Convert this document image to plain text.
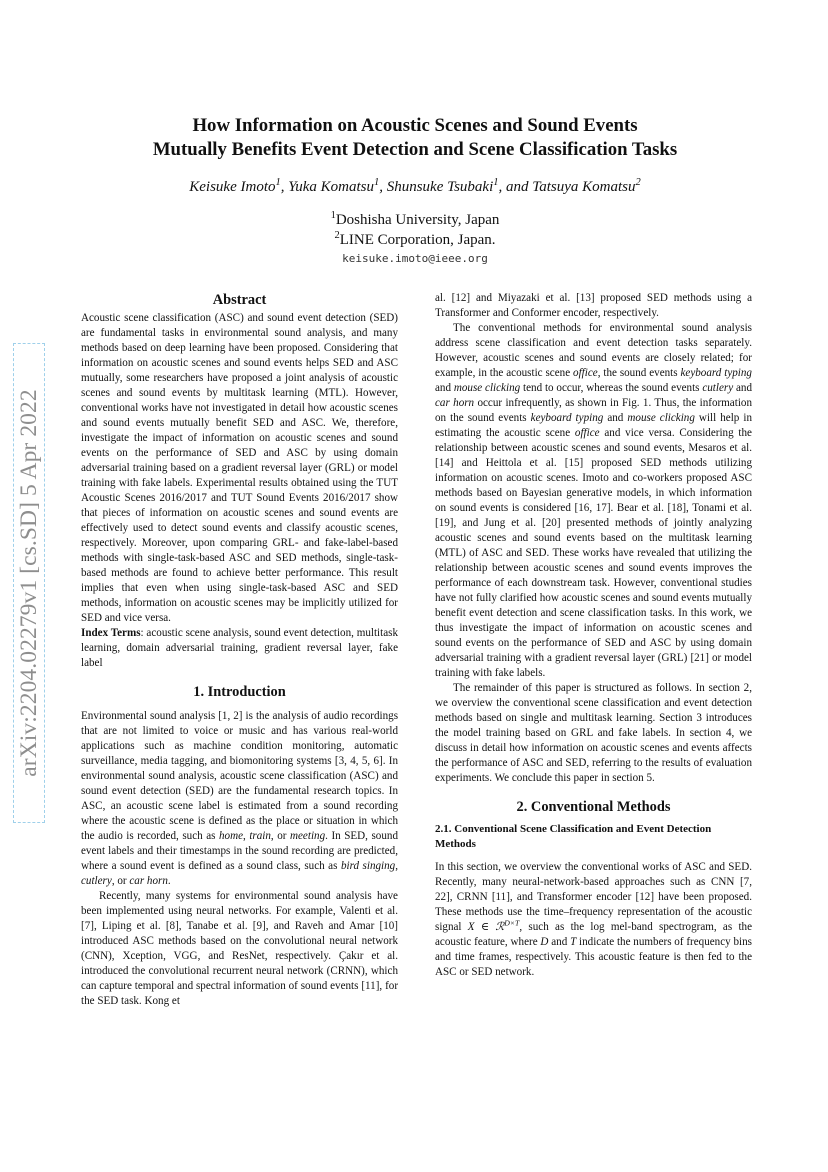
arXiv:2204.02279v1 [cs.SD] 5 Apr 2022
How Information on Acoustic Scenes and Sound Events
Mutually Benefits Event Detection and Scene Classification Tasks
Keisuke Imoto$^1$, Yuka Komatsu$^1$, Shunsuke Tsubaki$^1$, and Tatsuya Komatsu$^2$
$^1$Doshisha University, Japan
$^2$LINE Corporation, Japan.
keisuke.imoto@ieee.org
Abstract

Acoustic scene classification (ASC) and sound event detection (SED) are fundamental tasks in environmental sound analysis, and many methods based on deep learning have been proposed. Considering that information on acoustic scenes and sound events helps SED and ASC mutually, some researchers have proposed a joint analysis of acoustic scenes and sound events by multitask learning (MTL). However, conventional works have not investigated in detail how acoustic scenes and sound events mutually benefit SED and ASC. We, therefore, investigate the impact of information on acoustic scenes and sound events on the performance of SED and ASC by using domain adversarial training based on a gradient reversal layer (GRL) or model training with fake labels. Experimental results obtained using the TUT Acoustic Scenes 2016/2017 and TUT Sound Events 2016/2017 show that pieces of information on acoustic scenes and sound events are effectively used to detect sound events and classify acoustic scenes, respectively. Moreover, upon comparing GRL- and fake-label-based methods with single-task-based ASC and SED methods, single-task-based methods are found to achieve better performance. This result implies that even when using single-task-based ASC and SED methods, information on acoustic scenes may be implicitly utilized for SED and vice versa.

Index Terms: acoustic scene analysis, sound event detection, multitask learning, domain adversarial training, gradient reversal layer, fake label

1. Introduction

Environmental sound analysis [1, 2] is the analysis of audio recordings that are not limited to voice or music and has various real-world applications such as machine condition monitoring, automatic surveillance, media tagging, and biomonitoring systems [3, 4, 5, 6]. In environmental sound analysis, acoustic scene classification (ASC) and sound event detection (SED) are the fundamental research topics. In ASC, an acoustic scene label is estimated from a sound recording where the acoustic scene is defined as the place or situation in which the audio is recorded, such as home, train, or meeting. In SED, sound event labels and their timestamps in the sound recording are predicted, where a sound event is defined as a sound class, such as bird singing, cutlery, or car horn.

Recently, many systems for environmental sound analysis have been implemented using neural networks. For example, Valenti et al. [7], Liping et al. [8], Tanabe et al. [9], and Raveh and Amar [10] introduced ASC methods based on the convolutional neural network (CNN), Xception, VGG, and ResNet, respectively. Çakır et al. introduced the convolutional recurrent neural network (CRNN), which can capture temporal and spectral information of sound events [11], for the SED task. Kong et

al. [12] and Miyazaki et al. [13] proposed SED methods using a Transformer and Conformer encoder, respectively.

The conventional methods for environmental sound analysis address scene classification and event detection tasks separately. However, acoustic scenes and sound events are closely related; for example, in the acoustic scene office, the sound events keyboard typing and mouse clicking tend to occur, whereas the sound events cutlery and car horn occur infrequently, as shown in Fig. 1. Thus, the information on the sound events keyboard typing and mouse clicking will help in estimating the acoustic scene office and vice versa. Considering the relationship between acoustic scenes and sound events, Mesaros et al. [14] and Heittola et al. [15] proposed SED methods utilizing information on acoustic scenes. Imoto and co-workers proposed ASC methods based on Bayesian generative models, in which information on sound events is considered [16, 17]. Bear et al. [18], Tonami et al. [19], and Jung et al. [20] presented methods of jointly analyzing acoustic scenes and sound events based on the multitask learning (MTL) of ASC and SED. These works have revealed that utilizing the relationship between acoustic scenes and sound events improves the performance of each downstream task. However, conventional studies have not fully clarified how acoustic scenes and sound events mutually benefit event detection and scene classification tasks. In this work, we thus investigate the impact of information on acoustic scenes and sound events on the performance of SED and ASC by using domain adversarial training with a gradient reversal layer (GRL) [21] or model training with fake labels.

The remainder of this paper is structured as follows. In section 2, we overview the conventional scene classification and event detection methods based on single and multitask learning. Section 3 introduces the model training based on GRL and fake labels. In section 4, we discuss in detail how information on acoustic scenes and events affects the performance of ASC and SED, referring to the results of evaluation experiments. We conclude this paper in section 5.

2. Conventional Methods
2.1. Conventional Scene Classification and Event Detection Methods

In this section, we overview the conventional works of ASC and SED. Recently, many neural-network-based approaches such as CNN [7, 22], CRNN [11], and Transformer encoder [12] have been proposed. These methods use the time–frequency representation of the acoustic signal X ∈ ℛ$^{D\times T}$, such as the log mel-band spectrogram, as the acoustic feature, where D and T indicate the numbers of frequency bins and time frames, respectively. This acoustic feature is then fed to the ASC or SED network.
